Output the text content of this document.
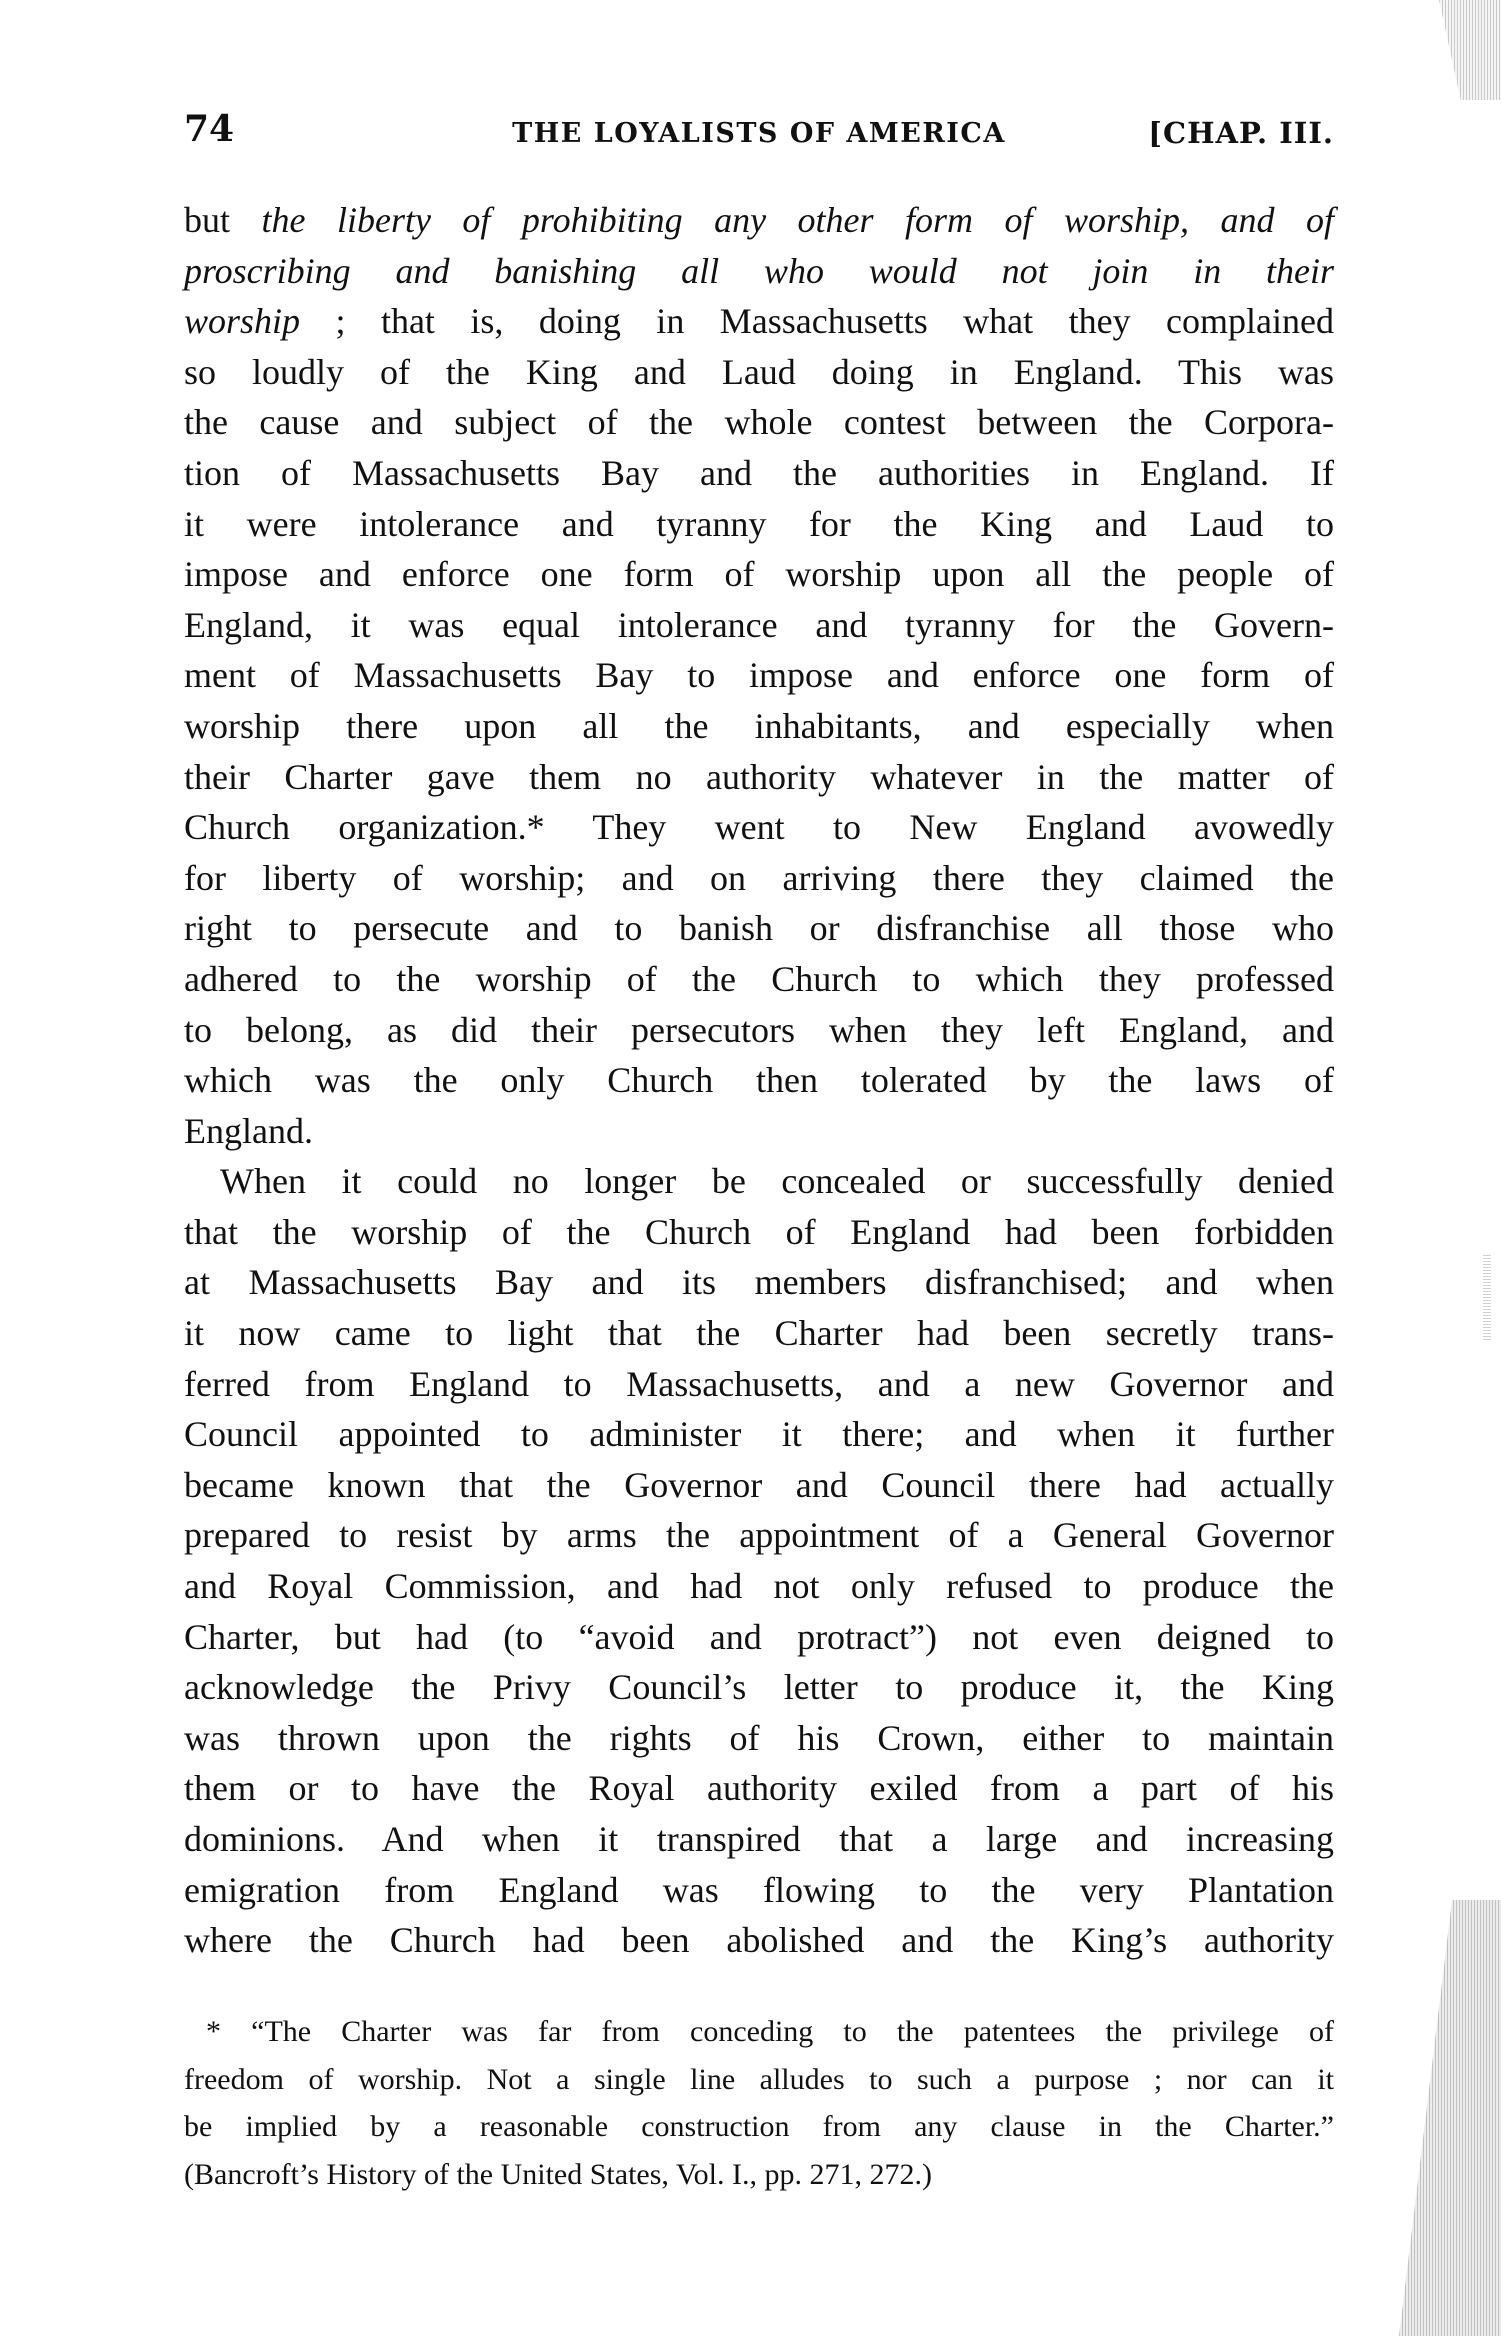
74	THE LOYALISTS OF AMERICA	[CHAP. III.
but the liberty of prohibiting any other form of worship, and of
proscribing and banishing all who would not join in their
worship ; that is, doing in Massachusetts what they complained
so loudly of the King and Laud doing in England. This was
the cause and subject of the whole contest between the Corpora-
tion of Massachusetts Bay and the authorities in England. If
it were intolerance and tyranny for the King and Laud to
impose and enforce one form of worship upon all the people of
England, it was equal intolerance and tyranny for the Govern-
ment of Massachusetts Bay to impose and enforce one form of
worship there upon all the inhabitants, and especially when
their Charter gave them no authority whatever in the matter of
Church organization.* They went to New England avowedly
for liberty of worship; and on arriving there they claimed the
right to persecute and to banish or disfranchise all those who
adhered to the worship of the Church to which they professed
to belong, as did their persecutors when they left England, and
which was the only Church then tolerated by the laws of
England.
When it could no longer be concealed or successfully denied
that the worship of the Church of England had been forbidden
at Massachusetts Bay and its members disfranchised; and when
it now came to light that the Charter had been secretly trans-
ferred from England to Massachusetts, and a new Governor and
Council appointed to administer it there; and when it further
became known that the Governor and Council there had actually
prepared to resist by arms the appointment of a General Governor
and Royal Commission, and had not only refused to produce the
Charter, but had (to “avoid and protract”) not even deigned to
acknowledge the Privy Council’s letter to produce it, the King
was thrown upon the rights of his Crown, either to maintain
them or to have the Royal authority exiled from a part of his
dominions. And when it transpired that a large and increasing
emigration from England was flowing to the very Plantation
where the Church had been abolished and the King’s authority
* “The Charter was far from conceding to the patentees the privilege of
freedom of worship. Not a single line alludes to such a purpose ; nor can it
be implied by a reasonable construction from any clause in the Charter.”
(Bancroft’s History of the United States, Vol. I., pp. 271, 272.)
